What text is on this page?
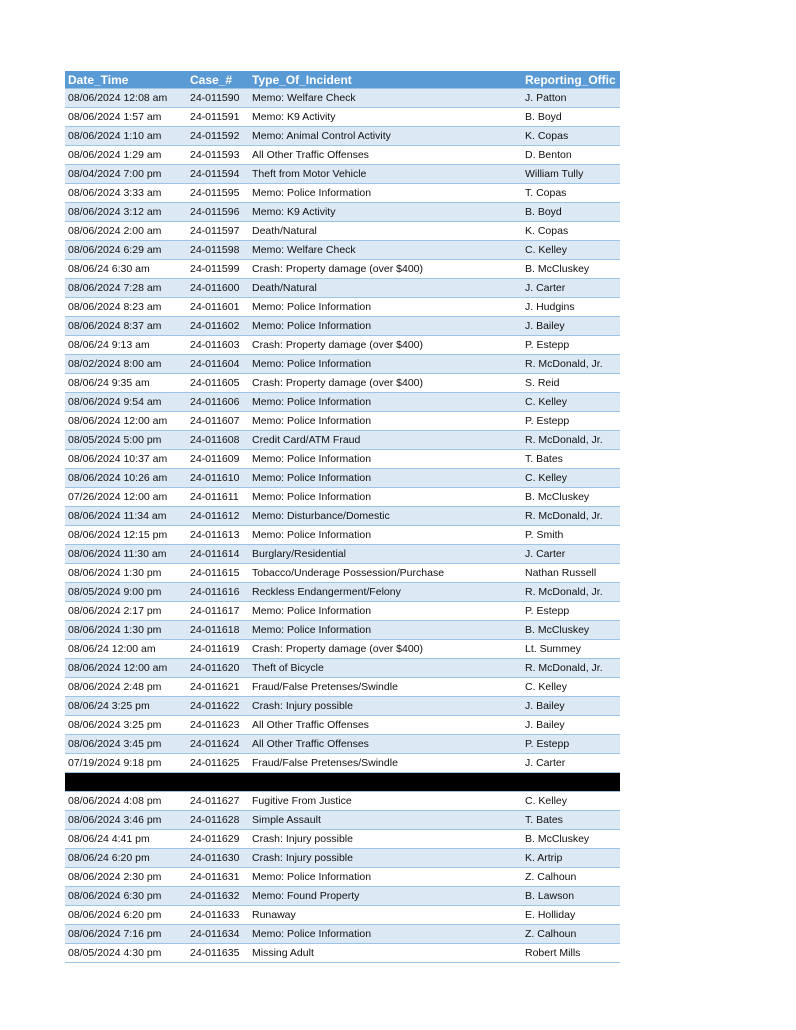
Date_Time	Case_#	Type_Of_Incident	Reporting_Offic
08/06/2024 12:08 am	24-011590	Memo: Welfare Check	J. Patton
08/06/2024 1:57 am	24-011591	Memo: K9 Activity	B. Boyd
08/06/2024 1:10 am	24-011592	Memo: Animal Control Activity	K. Copas
08/06/2024 1:29 am	24-011593	All Other Traffic Offenses	D. Benton
08/04/2024 7:00 pm	24-011594	Theft from Motor Vehicle	William Tully
08/06/2024 3:33 am	24-011595	Memo: Police Information	T. Copas
08/06/2024 3:12 am	24-011596	Memo: K9 Activity	B. Boyd
08/06/2024 2:00 am	24-011597	Death/Natural	K. Copas
08/06/2024 6:29 am	24-011598	Memo: Welfare Check	C. Kelley
08/06/24 6:30 am	24-011599	Crash: Property damage (over $400)	B. McCluskey
08/06/2024 7:28 am	24-011600	Death/Natural	J. Carter
08/06/2024 8:23 am	24-011601	Memo: Police Information	J. Hudgins
08/06/2024 8:37 am	24-011602	Memo: Police Information	J. Bailey
08/06/24 9:13 am	24-011603	Crash: Property damage (over $400)	P. Estepp
08/02/2024 8:00 am	24-011604	Memo: Police Information	R. McDonald, Jr.
08/06/24 9:35 am	24-011605	Crash: Property damage (over $400)	S. Reid
08/06/2024 9:54 am	24-011606	Memo: Police Information	C. Kelley
08/06/2024 12:00 am	24-011607	Memo: Police Information	P. Estepp
08/05/2024 5:00 pm	24-011608	Credit Card/ATM Fraud	R. McDonald, Jr.
08/06/2024 10:37 am	24-011609	Memo: Police Information	T. Bates
08/06/2024 10:26 am	24-011610	Memo: Police Information	C. Kelley
07/26/2024 12:00 am	24-011611	Memo: Police Information	B. McCluskey
08/06/2024 11:34 am	24-011612	Memo: Disturbance/Domestic	R. McDonald, Jr.
08/06/2024 12:15 pm	24-011613	Memo: Police Information	P. Smith
08/06/2024 11:30 am	24-011614	Burglary/Residential	J. Carter
08/06/2024 1:30 pm	24-011615	Tobacco/Underage Possession/Purchase	Nathan Russell
08/05/2024 9:00 pm	24-011616	Reckless Endangerment/Felony	R. McDonald, Jr.
08/06/2024 2:17 pm	24-011617	Memo: Police Information	P. Estepp
08/06/2024 1:30 pm	24-011618	Memo: Police Information	B. McCluskey
08/06/24 12:00 am	24-011619	Crash: Property damage (over $400)	Lt. Summey
08/06/2024 12:00 am	24-011620	Theft of Bicycle	R. McDonald, Jr.
08/06/2024 2:48 pm	24-011621	Fraud/False Pretenses/Swindle	C. Kelley
08/06/24 3:25 pm	24-011622	Crash: Injury possible	J. Bailey
08/06/2024 3:25 pm	24-011623	All Other Traffic Offenses	J. Bailey
08/06/2024 3:45 pm	24-011624	All Other Traffic Offenses	P. Estepp
07/19/2024 9:18 pm	24-011625	Fraud/False Pretenses/Swindle	J. Carter
08/06/2024 4:08 pm	24-011627	Fugitive From Justice	C. Kelley
08/06/2024 3:46 pm	24-011628	Simple Assault	T. Bates
08/06/24 4:41 pm	24-011629	Crash: Injury possible	B. McCluskey
08/06/24 6:20 pm	24-011630	Crash: Injury possible	K. Artrip
08/06/2024 2:30 pm	24-011631	Memo: Police Information	Z. Calhoun
08/06/2024 6:30 pm	24-011632	Memo: Found Property	B. Lawson
08/06/2024 6:20 pm	24-011633	Runaway	E. Holliday
08/06/2024 7:16 pm	24-011634	Memo: Police Information	Z. Calhoun
08/05/2024 4:30 pm	24-011635	Missing Adult	Robert Mills
